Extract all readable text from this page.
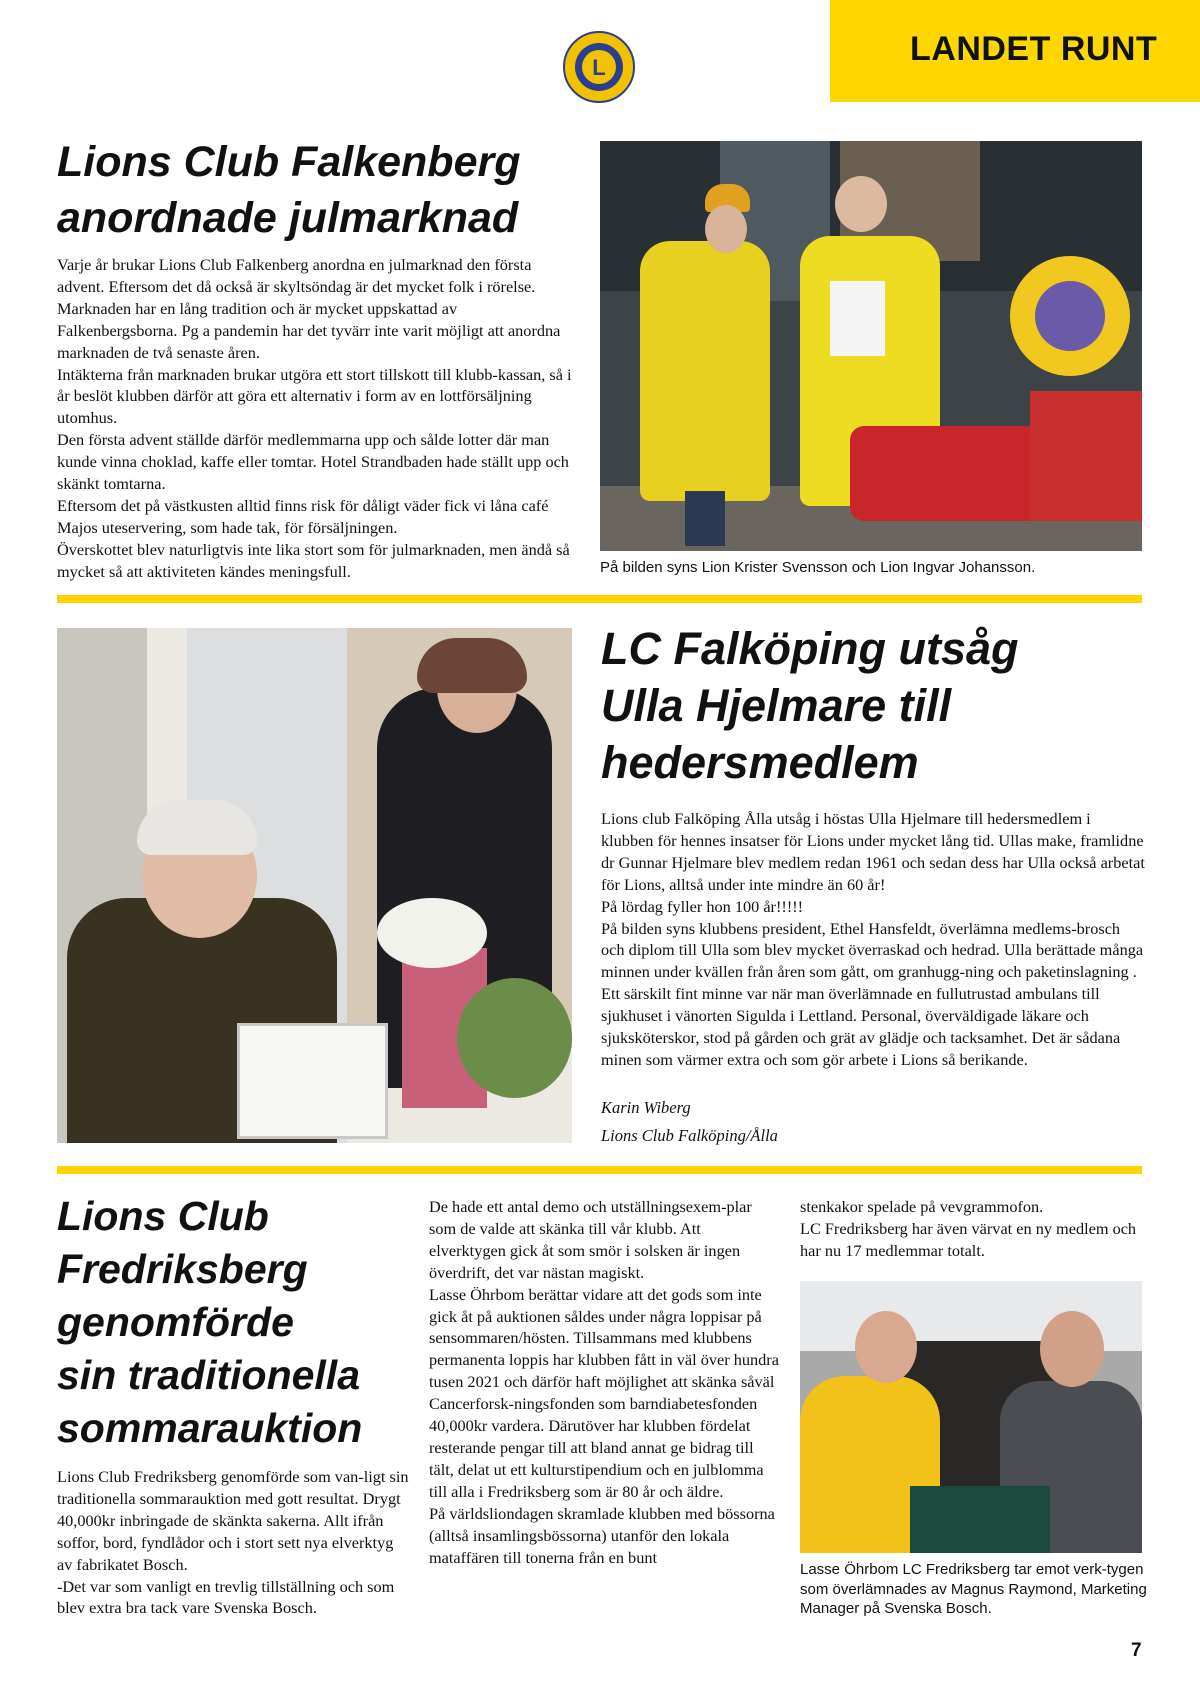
LANDET RUNT
L
Lions Club Falkenberg
anordnade julmarknad

Varje år brukar Lions Club Falkenberg anordna en julmarknad den första advent. Eftersom det då också är skyltsöndag är det mycket folk i rörelse. Marknaden har en lång tradition och är mycket uppskattad av Falkenbergsborna. Pg a pandemin har det tyvärr inte varit möjligt att anordna marknaden de två senaste åren.

Intäkterna från marknaden brukar utgöra ett stort tillskott till klubb-kassan, så i år beslöt klubben därför att göra ett alternativ i form av en lottförsäljning utomhus.

Den första advent ställde därför medlemmarna upp och sålde lotter där man kunde vinna choklad, kaffe eller tomtar. Hotel Strandbaden hade ställt upp och skänkt tomtarna.

Eftersom det på västkusten alltid finns risk för dåligt väder fick vi låna café Majos uteservering, som hade tak, för försäljningen.

Överskottet blev naturligtvis inte lika stort som för julmarknaden, men ändå så mycket så att aktiviteten kändes meningsfull.	På bilden syns Lion Krister Svensson och Lion Ingvar Johansson.
LC Falköping utsåg
Ulla Hjelmare till
hedersmedlem

Lions club Falköping Ålla utsåg i höstas Ulla Hjelmare till hedersmedlem i klubben för hennes insatser för Lions under mycket lång tid. Ullas make, framlidne dr Gunnar Hjelmare blev medlem redan 1961 och sedan dess har Ulla också arbetat för Lions, alltså under inte mindre än 60 år!

På lördag fyller hon 100 år!!!!!

På bilden syns klubbens president, Ethel Hansfeldt, överlämna medlems-brosch och diplom till Ulla som blev mycket överraskad och hedrad. Ulla berättade många minnen under kvällen från åren som gått, om granhugg-ning och paketinslagning . Ett särskilt fint minne var när man överlämnade en fullutrustad ambulans till sjukhuset i vänorten Sigulda i Lettland. Personal, överväldigade läkare och sjuksköterskor, stod på gården och grät av glädje och tacksamhet. Det är sådana minen som värmer extra och som gör arbete i Lions så berikande.

Karin Wiberg
Lions Club Falköping/Ålla
Lions Club
Fredriksberg
genomförde
sin traditionella
sommarauktion

Lions Club Fredriksberg genomförde som van-ligt sin traditionella sommarauktion med gott resultat. Drygt 40,000kr inbringade de skänkta sakerna. Allt ifrån soffor, bord, fyndlådor och i stort sett nya elverktyg av fabrikatet Bosch.

-Det var som vanligt en trevlig tillställning och som blev extra bra tack vare Svenska Bosch.

De hade ett antal demo och utställningsexem-plar som de valde att skänka till vår klubb. Att elverktygen gick åt som smör i solsken är ingen överdrift, det var nästan magiskt.

Lasse Öhrbom berättar vidare att det gods som inte gick åt på auktionen såldes under några loppisar på sensommaren/hösten. Tillsammans med klubbens permanenta loppis har klubben fått in väl över hundra tusen 2021 och därför haft möjlighet att skänka såväl Cancerforsk-ningsfonden som barndiabetesfonden 40,000kr vardera. Därutöver har klubben fördelat resterande pengar till att bland annat ge bidrag till tält, delat ut ett kulturstipendium och en julblomma till alla i Fredriksberg som är 80 år och äldre.

På världsliondagen skramlade klubben med bössorna (alltså insamlingsbössorna) utanför den lokala mataffären till tonerna från en bunt

stenkakor spelade på vevgrammofon.

LC Fredriksberg har även värvat en ny medlem och har nu 17 medlemmar totalt.

Lasse Öhrbom LC Fredriksberg tar emot verk-tygen som överlämnades av Magnus Raymond, Marketing Manager på Svenska Bosch.
7
